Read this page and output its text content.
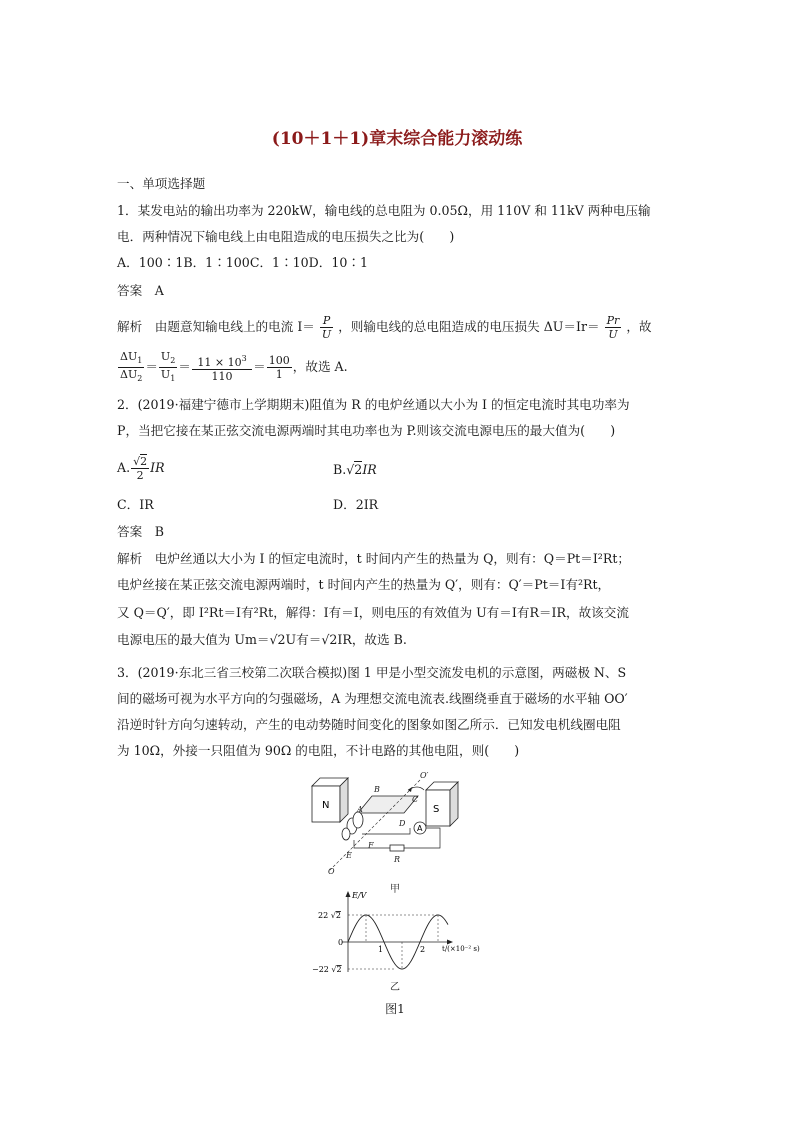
(10＋1＋1)章末综合能力滚动练
一、单项选择题
1．某发电站的输出功率为 220kW，输电线的总电阻为 0.05Ω，用 110V 和 11kV 两种电压输
电．两种情况下输电线上由电阻造成的电压损失之比为(　　)
A．100∶1B．1∶100C．1∶10D．10∶1
答案　A
解析　由题意知输电线上的电流 $I= \frac{P}{U}$ ，则输电线的总电阻造成的电压损失 $\Delta U=Ir= \frac{Pr}{U}$ ，故
$\frac{\Delta U_1}{\Delta U_2} = \frac{U_2}{U_1} = \frac{11 \times 10^3}{110} = \frac{100}{1}$ ，故选 A.
2．(2019·福建宁德市上学期期末)阻值为 R 的电炉丝通以大小为 I 的恒定电流时其电功率为
P，当把它接在某正弦交流电源两端时其电功率也为 P.则该交流电源电压的最大值为(　　)
A. $\frac{√2}{2}$ IR	B.√2IR
C．IR	D．2IR
答案　B
解析　电炉丝通以大小为 I 的恒定电流时，t 时间内产生的热量为 Q，则有：Q＝Pt＝I²Rt；
电炉丝接在某正弦交流电源两端时，t 时间内产生的热量为 Q′，则有：Q′＝Pt＝I有²Rt，
又 Q＝Q′，即 I²Rt＝I有²Rt，解得：I有＝I，则电压的有效值为 U有＝I有R＝IR，故该交流
电源电压的最大值为 Um＝√2U有＝√2IR，故选 B.
3．(2019·东北三省三校第二次联合模拟)图 1 甲是小型交流发电机的示意图，两磁极 N、S
间的磁场可视为水平方向的匀强磁场，A 为理想交流电流表.线圈绕垂直于磁场的水平轴 OO′
沿逆时针方向匀速转动，产生的电动势随时间变化的图象如图乙所示．已知发电机线圈电阻
为 10Ω，外接一只阻值为 90Ω 的电阻，不计电路的其他电阻，则(　　)
N	S
A
B
C
D
A
F
E
O
O′
R
甲
E/V
22 √2
0
−22 √2
1	2 t/(×10⁻² s)
乙
图1
